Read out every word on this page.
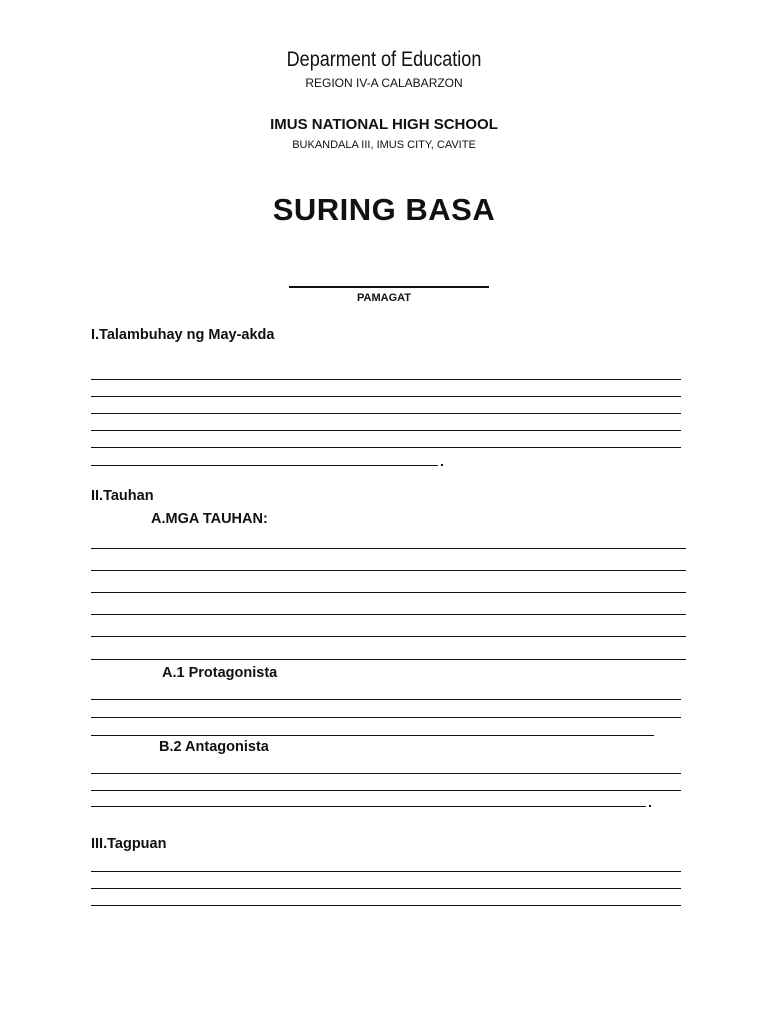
Deparment of Education
REGION IV-A CALABARZON
IMUS NATIONAL HIGH SCHOOL
BUKANDALA III, IMUS CITY, CAVITE
SURING BASA
PAMAGAT
I.Talambuhay ng May-akda
II.Tauhan
A.MGA TAUHAN:
A.1 Protagonista
B.2 Antagonista
III.Tagpuan
